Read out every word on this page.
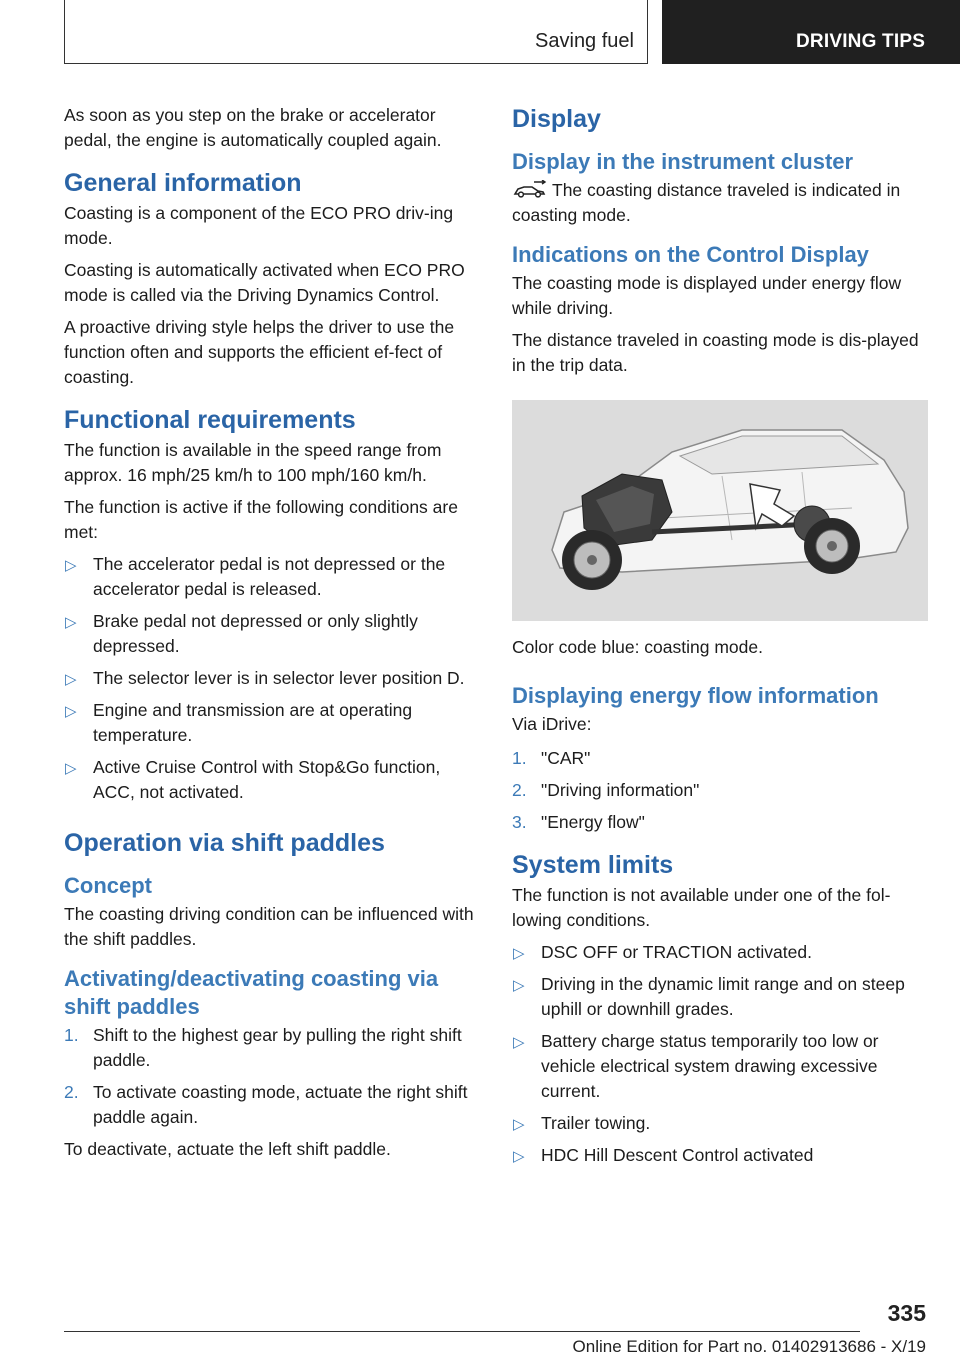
Saving fuel	DRIVING TIPS

As soon as you step on the brake or accelerator pedal, the engine is automatically coupled again.

General information

Coasting is a component of the ECO PRO driv-ing mode.

Coasting is automatically activated when ECO PRO mode is called via the Driving Dynamics Control.

A proactive driving style helps the driver to use the function often and supports the efficient ef-fect of coasting.

Functional requirements

The function is available in the speed range from approx. 16 mph/25 km/h to 100 mph/160 km/h.

The function is active if the following conditions are met:

▷ The accelerator pedal is not depressed or the accelerator pedal is released.
▷ Brake pedal not depressed or only slightly depressed.
▷ The selector lever is in selector lever position D.
▷ Engine and transmission are at operating temperature.
▷ Active Cruise Control with Stop&Go function, ACC, not activated.
Operation via shift paddles
Concept

The coasting driving condition can be influenced with the shift paddles.

Activating/deactivating coasting via shift paddles
1. Shift to the highest gear by pulling the right shift paddle.
2. To activate coasting mode, actuate the right shift paddle again.

To deactivate, actuate the left shift paddle.

Display
Display in the instrument cluster

The coasting distance traveled is indicated in coasting mode.

Indications on the Control Display

The coasting mode is displayed under energy flow while driving.

The distance traveled in coasting mode is dis-played in the trip data.

Color code blue: coasting mode.

Displaying energy flow information

Via iDrive:

1. "CAR"
2. "Driving information"
3. "Energy flow"
System limits

The function is not available under one of the fol-lowing conditions.

▷ DSC OFF or TRACTION activated.
▷ Driving in the dynamic limit range and on steep uphill or downhill grades.
▷ Battery charge status temporarily too low or vehicle electrical system drawing excessive current.
▷ Trailer towing.
▷ HDC Hill Descent Control activated
335
Online Edition for Part no. 01402913686 - X/19
